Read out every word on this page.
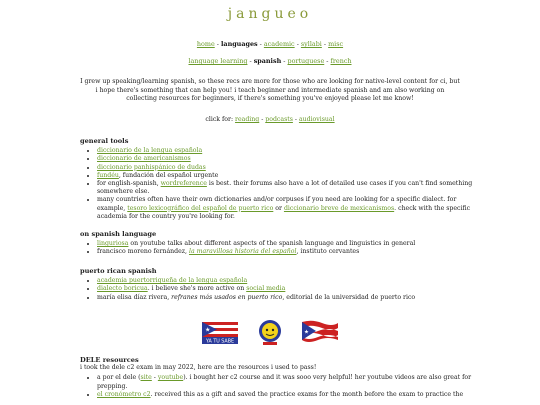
jangueo
home - languages - academic - syllabi - misc
language learning - spanish - portuguese - french
I grew up speaking/learning spanish, so these recs are more for those who are looking for native-level content for ci, but i hope there's something that can help you! i teach beginner and intermediate spanish and am also working on collecting resources for beginners, if there's something you've enjoyed please let me know!
click for: reading - podcasts - audiovisual
general tools
• diccionario de la lengua española
• diccionario de americanismos
• diccionario panhispánico de dudas
• fundéu, fundación del español urgente
• for english-spanish, wordreference is best. their forums also have a lot of detailed use cases if you can't find something somewhere else.
• many countries often have their own dictionaries and/or corpuses if you need are looking for a specific dialect. for example, tesoro lexicográfico del español de puerto rico or diccionario breve de mexicanismos. check with the specific academia for the country you're looking for.
on spanish language
• linguriosa on youtube talks about different aspects of the spanish language and linguistics in general
• francisco moreno fernández, la maravillosa historia del español, instituto cervantes
puerto rican spanish
• academia puertorriqueña de la lengua española
• dialecto boricua. i believe she's more active on social media
• maría elisa díaz rivera, refranes más usados en puerto rico, editorial de la universidad de puerto rico
★
YA TU SABE
★
DELE resources
i took the dele c2 exam in may 2022, here are the resources i used to pass!
• a por el dele (site - youtube). i bought her c2 course and it was sooo very helpful! her youtube videos are also great for prepping.
• el cronómetro c2. received this as a gift and saved the practice exams for the month before the exam to practice the
